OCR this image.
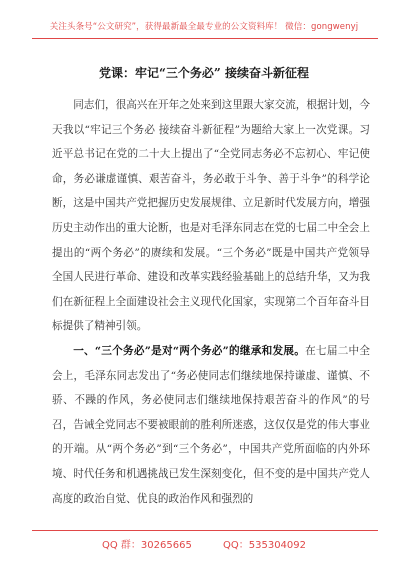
关注头条号“公文研究”，获得最新最全最专业的公文资料库！ 微信：gongwenyj
党课：牢记“三个务必” 接续奋斗新征程

同志们，很高兴在开年之处来到这里跟大家交流，根据计划，今天我以“牢记三个务必 接续奋斗新征程”为题给大家上一次党课。习近平总书记在党的二十大上提出了“全党同志务必不忘初心、牢记使命，务必谦虚谨慎、艰苦奋斗，务必敢于斗争、善于斗争”的科学论断，这是中国共产党把握历史发展规律、立足新时代发展方向，增强历史主动作出的重大论断，也是对毛泽东同志在党的七届二中全会上提出的“两个务必”的赓续和发展。“三个务必”既是中国共产党领导全国人民进行革命、建设和改革实践经验基础上的总结升华，又为我们在新征程上全面建设社会主义现代化国家，实现第二个百年奋斗目标提供了精神引领。

一、“三个务必”是对“两个务必”的继承和发展。在七届二中全会上，毛泽东同志发出了“务必使同志们继续地保持谦虚、谨慎、不骄、不躁的作风，务必使同志们继续地保持艰苦奋斗的作风”的号召，告诫全党同志不要被眼前的胜利所迷惑，这仅仅是党的伟大事业的开端。从“两个务必”到“三个务必”，中国共产党所面临的内外环境、时代任务和机遇挑战已发生深刻变化，但不变的是中国共产党人高度的政治自觉、优良的政治作风和强烈的

QQ 群：30265665	QQ：535304092
